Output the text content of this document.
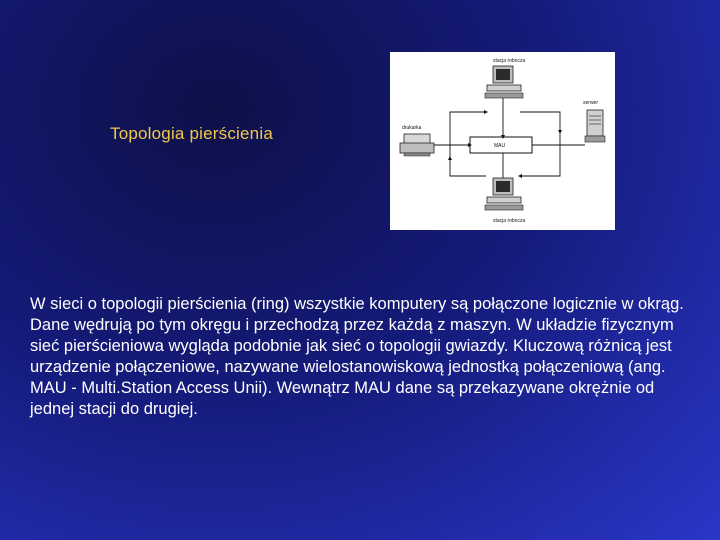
Topologia pierścienia
stacja robocza
serwer
drukarka
MAU
stacja robocza

W sieci o topologii pierścienia (ring) wszystkie komputery są połączone logicznie w okrąg. Dane wędrują po tym okręgu i przechodzą przez każdą z maszyn. W układzie fizycznym sieć pierścieniowa wygląda podobnie jak sieć o topologii gwiazdy. Kluczową różnicą jest urządzenie połączeniowe, nazywane wielostanowiskową jednostką połączeniową (ang. MAU - Multi.Station Access Unii). Wewnątrz MAU dane są przekazywane okrężnie od jednej stacji do drugiej.
